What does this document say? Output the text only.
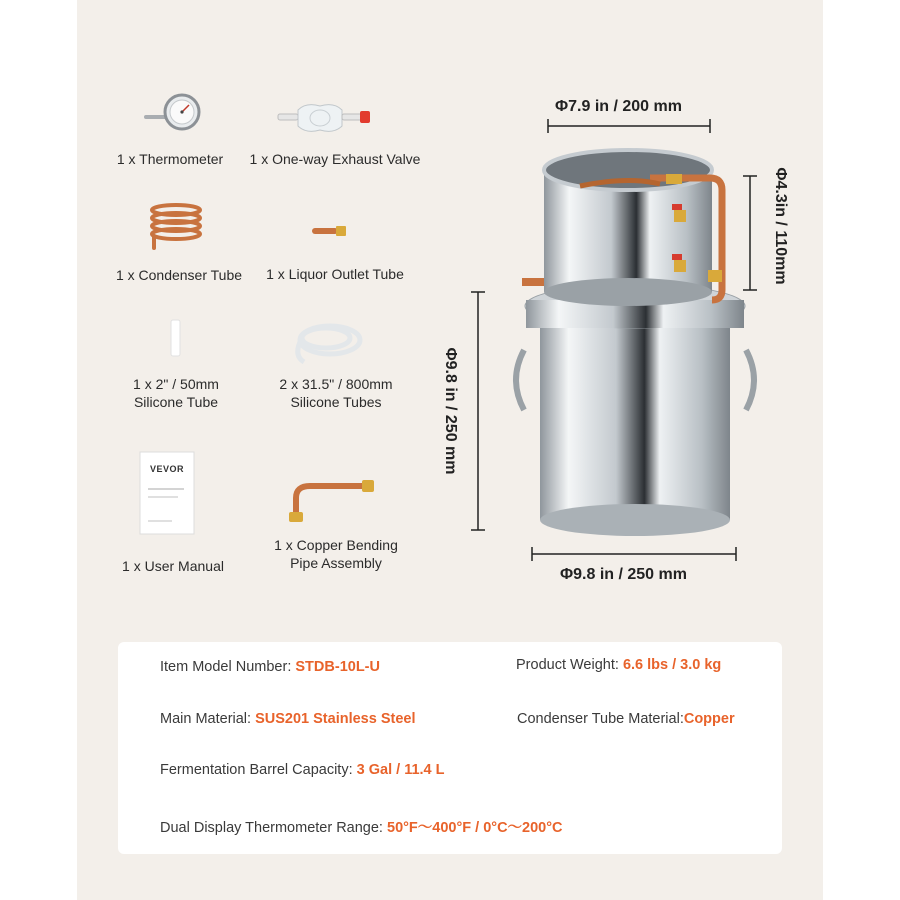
VEVOR
1 x Thermometer	1 x One-way Exhaust Valve
1 x Condenser Tube	1 x Liquor Outlet Tube
1 x 2" / 50mm
Silicone Tube
2 x 31.5" / 800mm
Silicone Tubes
1 x User Manual
1 x Copper Bending
Pipe Assembly
Φ7.9 in / 200 mm
Φ4.3in / 110mm
Φ9.8 in / 250 mm
Φ9.8 in / 250 mm
Item Model Number: STDB-10L-U	Product Weight: 6.6 lbs / 3.0 kg
Main Material: SUS201 Stainless Steel	Condenser Tube Material:Copper
Fermentation Barrel Capacity: 3 Gal / 11.4 L
Dual Display Thermometer Range: 50°F～400°F / 0°C～200°C
